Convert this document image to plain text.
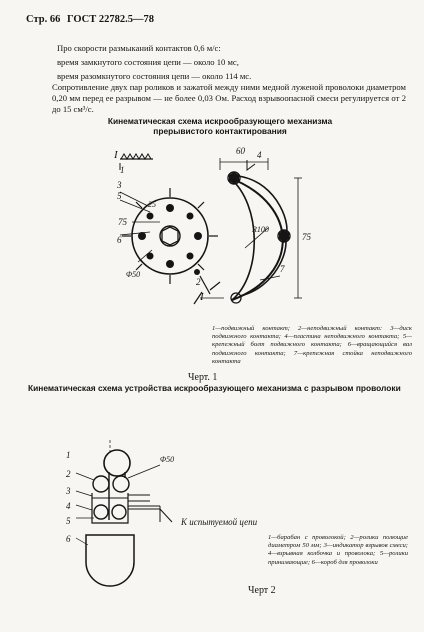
Стр. 66 ГОСТ 22782.5—78
Про скорости размыканий контактов 0,6 м/с:
время замкнутого состояния цепи — около 10 мс,
время разомкнутого состояния цепи — около 114 мс.
Сопротивление двух пар роликов и зажатой между ними медной луженой проволоки диаметром 0,20 мм перед ее разрывом — не более 0,03 Ом. Расход взрывоопасной смеси регулируется от 2 до 15 см³/с.
Кинематическая схема искрообразующего механизма прерывистого контактирования
1
3
5
6
4
2
7
60
75
75
25
R100
Φ50
I
I
1
2
3
4
5
6
Φ50
1—подвижный контакт; 2—неподвижный контакт: 3—диск подвижного контакта; 4—пластина неподвижного контакта; 5—крепежный болт подвижного контакта; 6—вращающийся вал подвижного контакта; 7—крепежная стойка неподвижного контакта
Черт. 1
Кинематическая схема устройства искрообразующего механизма с разрывом проволоки
К испытуемой цепи
1—барабан с проволокой; 2—ролики полющие диаметром 50 мм; 3—индикатор взрывов смеси; 4—взрывная колбочка и проволока; 5—ролики принимающие; 6—короб для проволоки
Черт 2
